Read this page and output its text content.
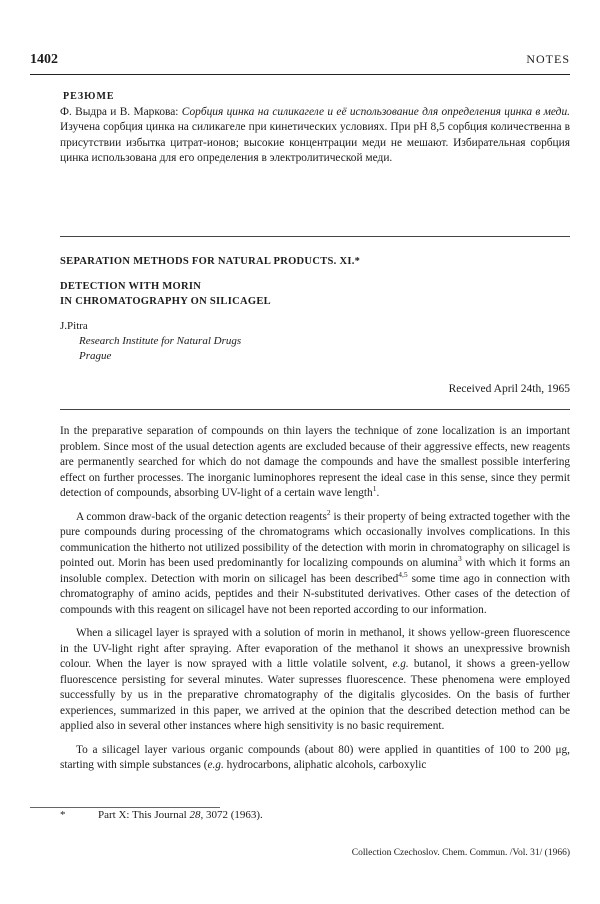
1402	NOTES
РЕЗЮМЕ
Ф. Выдра и В. Маркова: Сорбция цинка на силикагеле и её использование для определения цинка в меди. Изучена сорбция цинка на силикагеле при кинетических условиях. При pH 8,5 сорбция количественна в присутствии избытка цитрат-ионов; высокие концентрации меди не мешают. Избирательная сорбция цинка использована для его определения в электролитической меди.
SEPARATION METHODS FOR NATURAL PRODUCTS. XI.*
DETECTION WITH MORIN
IN CHROMATOGRAPHY ON SILICAGEL
J.Pitra
Research Institute for Natural Drugs
Prague
Received April 24th, 1965

In the preparative separation of compounds on thin layers the technique of zone localization is an important problem. Since most of the usual detection agents are excluded because of their aggressive effects, new reagents are permanently searched for which do not damage the compounds and have the smallest possible interfering effect on further processes. The inorganic luminophores represent the ideal case in this sense, since they permit detection of compounds, absorbing UV-light of a certain wave length$^1$.

A common draw-back of the organic detection reagents$^2$ is their property of being extracted together with the pure compounds during processing of the chromatograms which occasionally involves complications. In this communication the hitherto not utilized possibility of the detection with morin in chromatography on silicagel is pointed out. Morin has been used predominantly for localizing compounds on alumina$^3$ with which it forms an insoluble complex. Detection with morin on silicagel has been described$^{4,5}$ some time ago in connection with chromatography of amino acids, peptides and their N-substituted derivatives. Other cases of the detection of compounds with this reagent on silicagel have not been reported according to our information.

When a silicagel layer is sprayed with a solution of morin in methanol, it shows yellow-green fluorescence in the UV-light right after spraying. After evaporation of the methanol it shows an unexpressive brownish colour. When the layer is now sprayed with a little volatile solvent, e.g. butanol, it shows a green-yellow fluorescence persisting for several minutes. Water supresses fluorescence. These phenomena were employed successfully by us in the preparative chromatography of the digitalis glycosides. On the basis of further experiences, summarized in this paper, we arrived at the opinion that the described detection method can be applied also in several other instances where high sensitivity is no basic requirement.

To a silicagel layer various organic compounds (about 80) were applied in quantities of 100 to 200 μg, starting with simple substances (e.g. hydrocarbons, aliphatic alcohols, carboxylic

*	Part X: This Journal 28, 3072 (1963).
Collection Czechoslov. Chem. Commun. /Vol. 31/ (1966)
